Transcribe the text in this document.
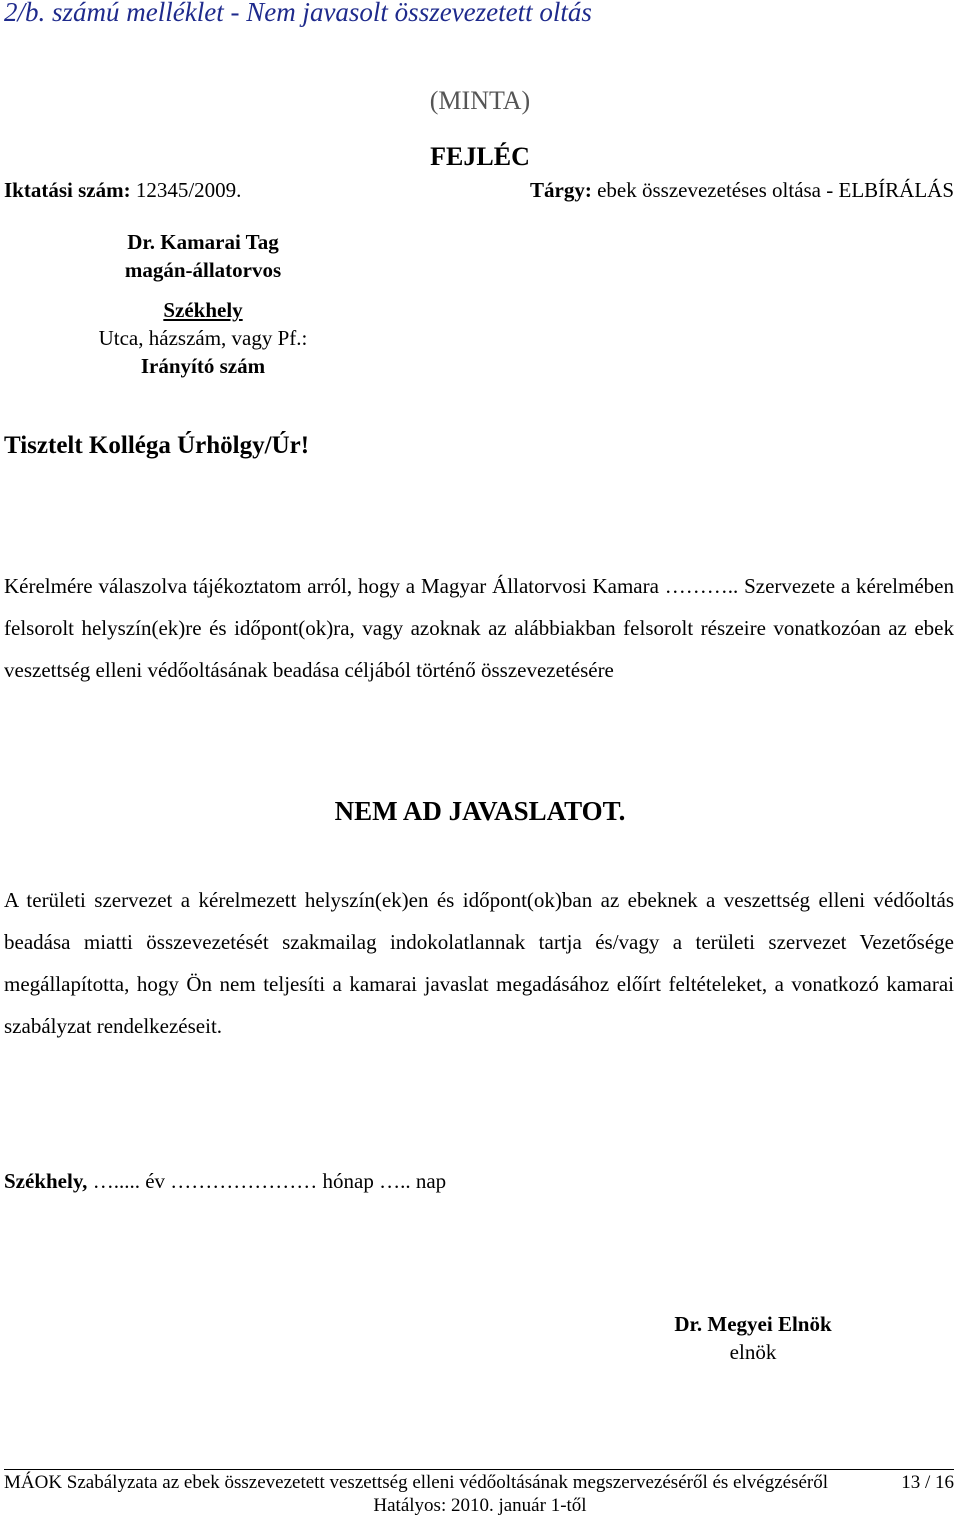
2/b. számú melléklet - Nem javasolt összevezetett oltás
(MINTA)
FEJLÉC
Iktatási szám: 12345/2009.	Tárgy: ebek összevezetéses oltása - ELBÍRÁLÁS
Dr. Kamarai Tag
magán-állatorvos
Székhely
Utca, házszám, vagy Pf.:
Irányító szám
Tisztelt Kolléga Úrhölgy/Úr!
Kérelmére válaszolva tájékoztatom arról, hogy a Magyar Állatorvosi Kamara ……….. Szervezete a kérelmében felsorolt helyszín(ek)re és időpont(ok)ra, vagy azoknak az alábbiakban felsorolt részeire vonatkozóan az ebek veszettség elleni védőoltásának beadása céljából történő összevezetésére
NEM AD JAVASLATOT.
A területi szervezet a kérelmezett helyszín(ek)en és időpont(ok)ban az ebeknek a veszettség elleni védőoltás beadása miatti összevezetését szakmailag indokolatlannak tartja és/vagy a területi szervezet Vezetősége megállapította, hogy Ön nem teljesíti a kamarai javaslat megadásához előírt feltételeket, a vonatkozó kamarai szabályzat rendelkezéseit.
Székhely, …..... év ………………… hónap ….. nap
Dr. Megyei Elnök
elnök
MÁOK Szabályzata az ebek összevezetett veszettség elleni védőoltásának megszervezéséről és elvégzéséről	13 / 16
Hatályos: 2010. január 1-től
